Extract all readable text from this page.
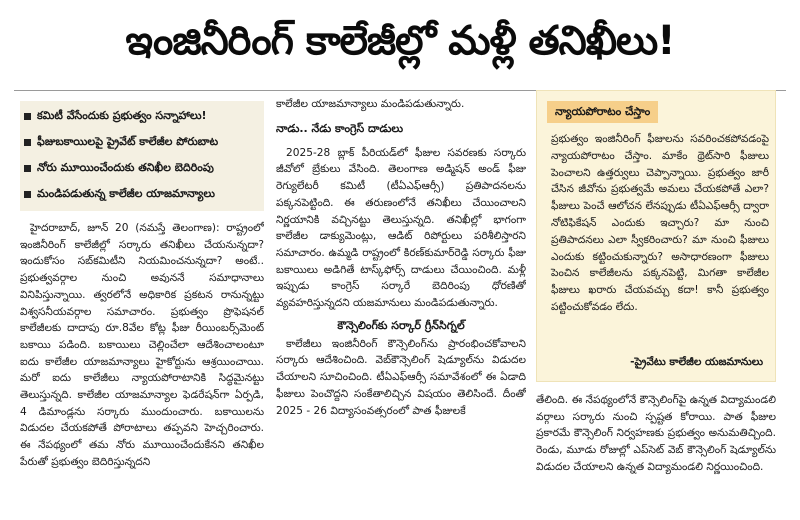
ఇంజినీరింగ్ కాలేజీల్లో మళ్లీ తనిఖీలు!
కమిటీ వేసేందుకు ప్రభుత్వం సన్నాహాలు!
ఫీజుబకాయిలపై ప్రైవేట్ కాలేజీల పోరుబాట
నోరు మూయించేందుకు తనిఖీల బెదిరింపు
మండిపడుతున్న కాలేజీల యాజమాన్యాలు

హైదరాబాద్, జూన్ 20 (నమస్తే తెలంగాణ): రాష్ట్రంలో ఇంజినీరింగ్ కాలేజీల్లో సర్కారు తనిఖీలు చేయనున్నదా? ఇందుకోసం సబ్‌కమిటీని నియమించనున్నదా? అంటే.. ప్రభుత్వవర్గాల నుంచి అవుననే సమాధానాలు వినిపిస్తున్నాయి. త్వరలోనే అధికారిక ప్రకటన రానున్నట్టు విశ్వసనీయవర్గాల సమాచారం. ప్రభుత్వం ప్రొఫెషనల్ కాలేజీలకు దాదాపు రూ.8వేల కోట్ల ఫీజు రీయింబర్స్‌మెంట్ బకాయి పడింది. బకాయిలు చెల్లించేలా ఆదేశించాలంటూ ఐదు కాలేజీల యాజమాన్యాలు హైకోర్టును ఆశ్రయించాయి. మరో ఐదు కాలేజీలు న్యాయపోరాటానికి సిద్ధమైనట్టు తెలుస్తున్నది. కాలేజీల యాజమాన్యాల ఫెడరేషన్‌గా ఏర్పడి, 4 డిమాండ్లను సర్కారు ముందుంచారు. బకాయిలను విడుదల చేయకపోతే పోరాటాలు తప్పవని హెచ్చరించారు. ఈ నేపథ్యంలో తమ నోరు మూయించేందుకేనని తనిఖీల పేరుతో ప్రభుత్వం బెదిరిస్తున్నదని

కాలేజీల యాజమాన్యాలు మండిపడుతున్నారు.

నాడు.. నేడు కాంగ్రెస్ దాడులు

2025-28 బ్లాక్ పీరియడ్‌లో ఫీజుల సవరణకు సర్కారు జీవోలో బ్రేకులు వేసింది. తెలంగాణ అడ్మిషన్ అండ్ ఫీజు రెగ్యులేటరీ కమిటీ (టీఏఎఫ్‌ఆర్సీ) ప్రతిపాదనలను పక్కనపెట్టింది. ఈ తరుణంలోనే తనిఖీలు చేయించాలని నిర్ణయానికి వచ్చినట్టు తెలుస్తున్నది. తనిఖీల్లో భాగంగా కాలేజీల డాక్యుమెంట్లు, ఆడిట్ రిపోర్టులు పరిశీలిస్తారని సమాచారం. ఉమ్మడి రాష్ట్రంలో కిరణ్‌కుమార్‌రెడ్డి సర్కారు ఫీజు బకాయిలు అడిగితే టాస్క్‌ఫోర్స్ దాడులు చేయించింది. మళ్లీ ఇప్పుడు కాంగ్రెస్ సర్కారే బెదిరింపు ధోరణితో వ్యవహరిస్తున్నదని యజమానులు మండిపడుతున్నారు.

కౌన్సెలింగ్‌కు సర్కార్ గ్రీన్‌సిగ్నల్

కాలేజీలు ఇంజినీరింగ్ కౌన్సెలింగ్‌ను ప్రారంభించకోవాలని సర్కారు ఆదేశించింది. వెబ్‌కౌన్సెలింగ్ షెడ్యూల్‌ను విడుదల చేయాలని సూచించింది. టీఏఎఫ్‌ఆర్సీ సమావేశంలో ఈ ఏడాది ఫీజులు పెంచొద్దని సంకేతాలిచ్చిన విషయం తెలిసిందే. దీంతో 2025 - 26 విద్యాసంవత్సరంలో పాత ఫీజులకే

న్యాయపోరాటం చేస్తాం
ప్రభుత్వం ఇంజినీరింగ్ ఫీజులను సవరించకపోవడంపై న్యాయపోరాటం చేస్తాం. మాకేం థ్రెట్‌సారి ఫీజులు పెంచాలని ఉత్తర్వులు చెప్పాన్నాయి. ప్రభుత్వం జారీ చేసిన జీవోను ప్రభుత్వమే అమలు చేయకపోతే ఎలా? ఫీజులు పెంచే ఆలోచన లేనప్పుడు టీఏఎఫ్‌ఆర్సీ ద్వారా నోటిఫికేషన్ ఎందుకు ఇచ్చారు? మా నుంచి ప్రతిపాదనలు ఎలా స్వీకరించారు? మా నుంచి ఫీజులు ఎందుకు కట్టించుకున్నారు? అసాధారణంగా ఫీజులు పెంచిన కాలేజీలను పక్కనపెట్టి, మిగతా కాలేజీల ఫీజులు ఖరారు చేయవచ్చు కదా! కానీ ప్రభుత్వం పట్టించుకోవడం లేదు.
-ప్రైవేటు కాలేజీల యజమానులు

తేలింది. ఈ నేపథ్యంలోనే కౌన్సెలింగ్‌పై ఉన్నత విద్యామండలి వర్గాలు సర్కారు నుంచి స్పష్టత కోరాయి. పాత ఫీజుల ప్రకారమే కౌన్సెలింగ్ నిర్వహణకు ప్రభుత్వం అనుమతిచ్చింది. రెండు, మూడు రోజుల్లో ఎప్‌సెట్ వెబ్ కౌన్సెలింగ్ షెడ్యూల్‌ను విడుదల చేయాలని ఉన్నత విద్యామండలి నిర్ణయించింది.
